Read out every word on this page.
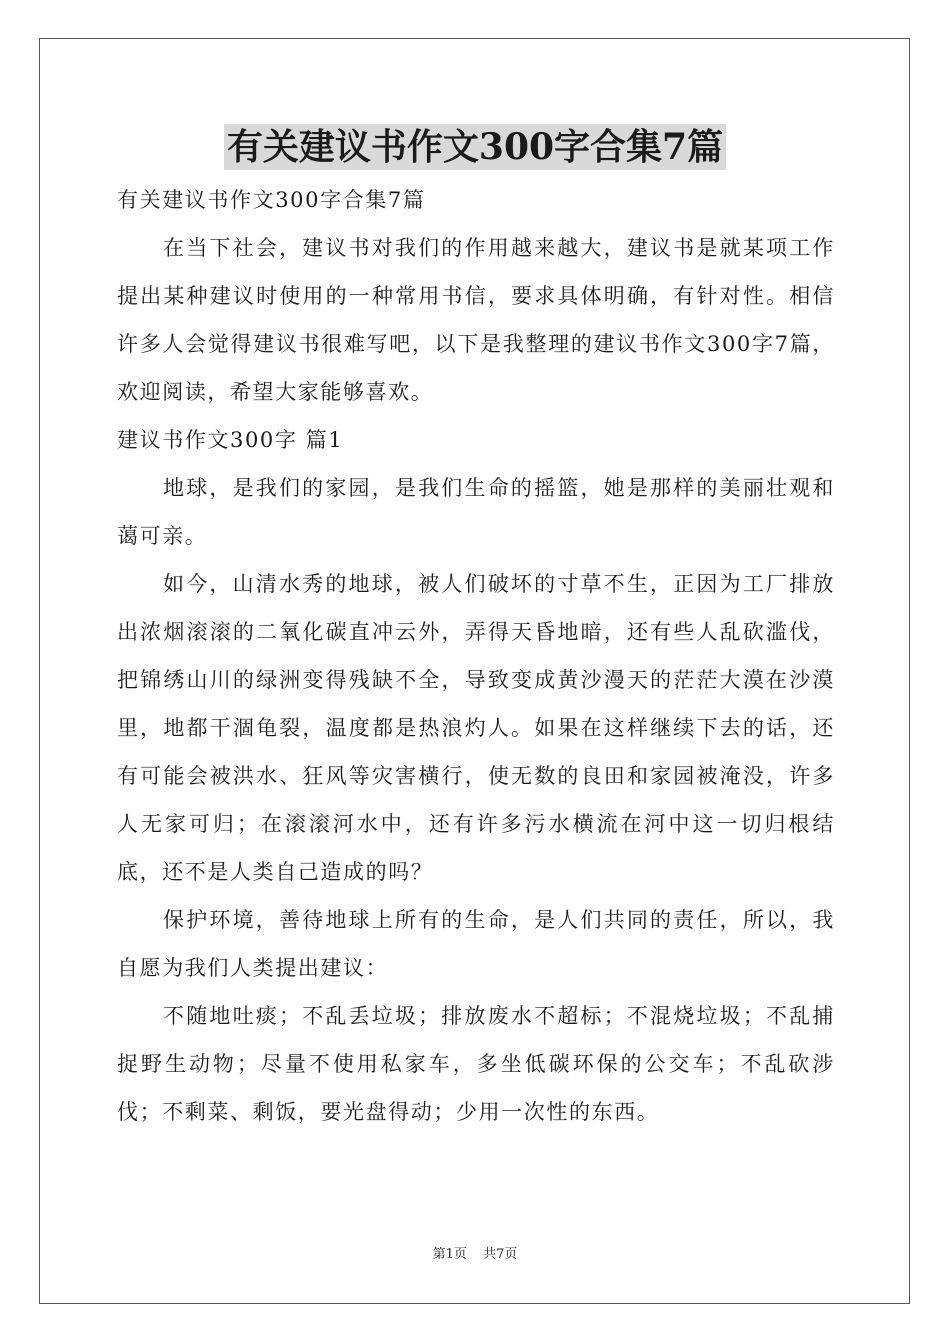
有关建议书作文300字合集7篇

有关建议书作文300字合集7篇

在当下社会，建议书对我们的作用越来越大，建议书是就某项工作提出某种建议时使用的一种常用书信，要求具体明确，有针对性。相信许多人会觉得建议书很难写吧，以下是我整理的建议书作文300字7篇，欢迎阅读，希望大家能够喜欢。

建议书作文300字 篇1

地球，是我们的家园，是我们生命的摇篮，她是那样的美丽壮观和蔼可亲。

如今，山清水秀的地球，被人们破坏的寸草不生，正因为工厂排放出浓烟滚滚的二氧化碳直冲云外，弄得天昏地暗，还有些人乱砍滥伐，把锦绣山川的绿洲变得残缺不全，导致变成黄沙漫天的茫茫大漠在沙漠里，地都干涸龟裂，温度都是热浪灼人。如果在这样继续下去的话，还有可能会被洪水、狂风等灾害横行，使无数的良田和家园被淹没，许多人无家可归；在滚滚河水中，还有许多污水横流在河中这一切归根结底，还不是人类自己造成的吗？

保护环境，善待地球上所有的生命，是人们共同的责任，所以，我自愿为我们人类提出建议：

不随地吐痰；不乱丢垃圾；排放废水不超标；不混烧垃圾；不乱捕捉野生动物；尽量不使用私家车，多坐低碳环保的公交车；不乱砍涉伐；不剩菜、剩饭，要光盘得动；少用一次性的东西。

第1页 共7页
